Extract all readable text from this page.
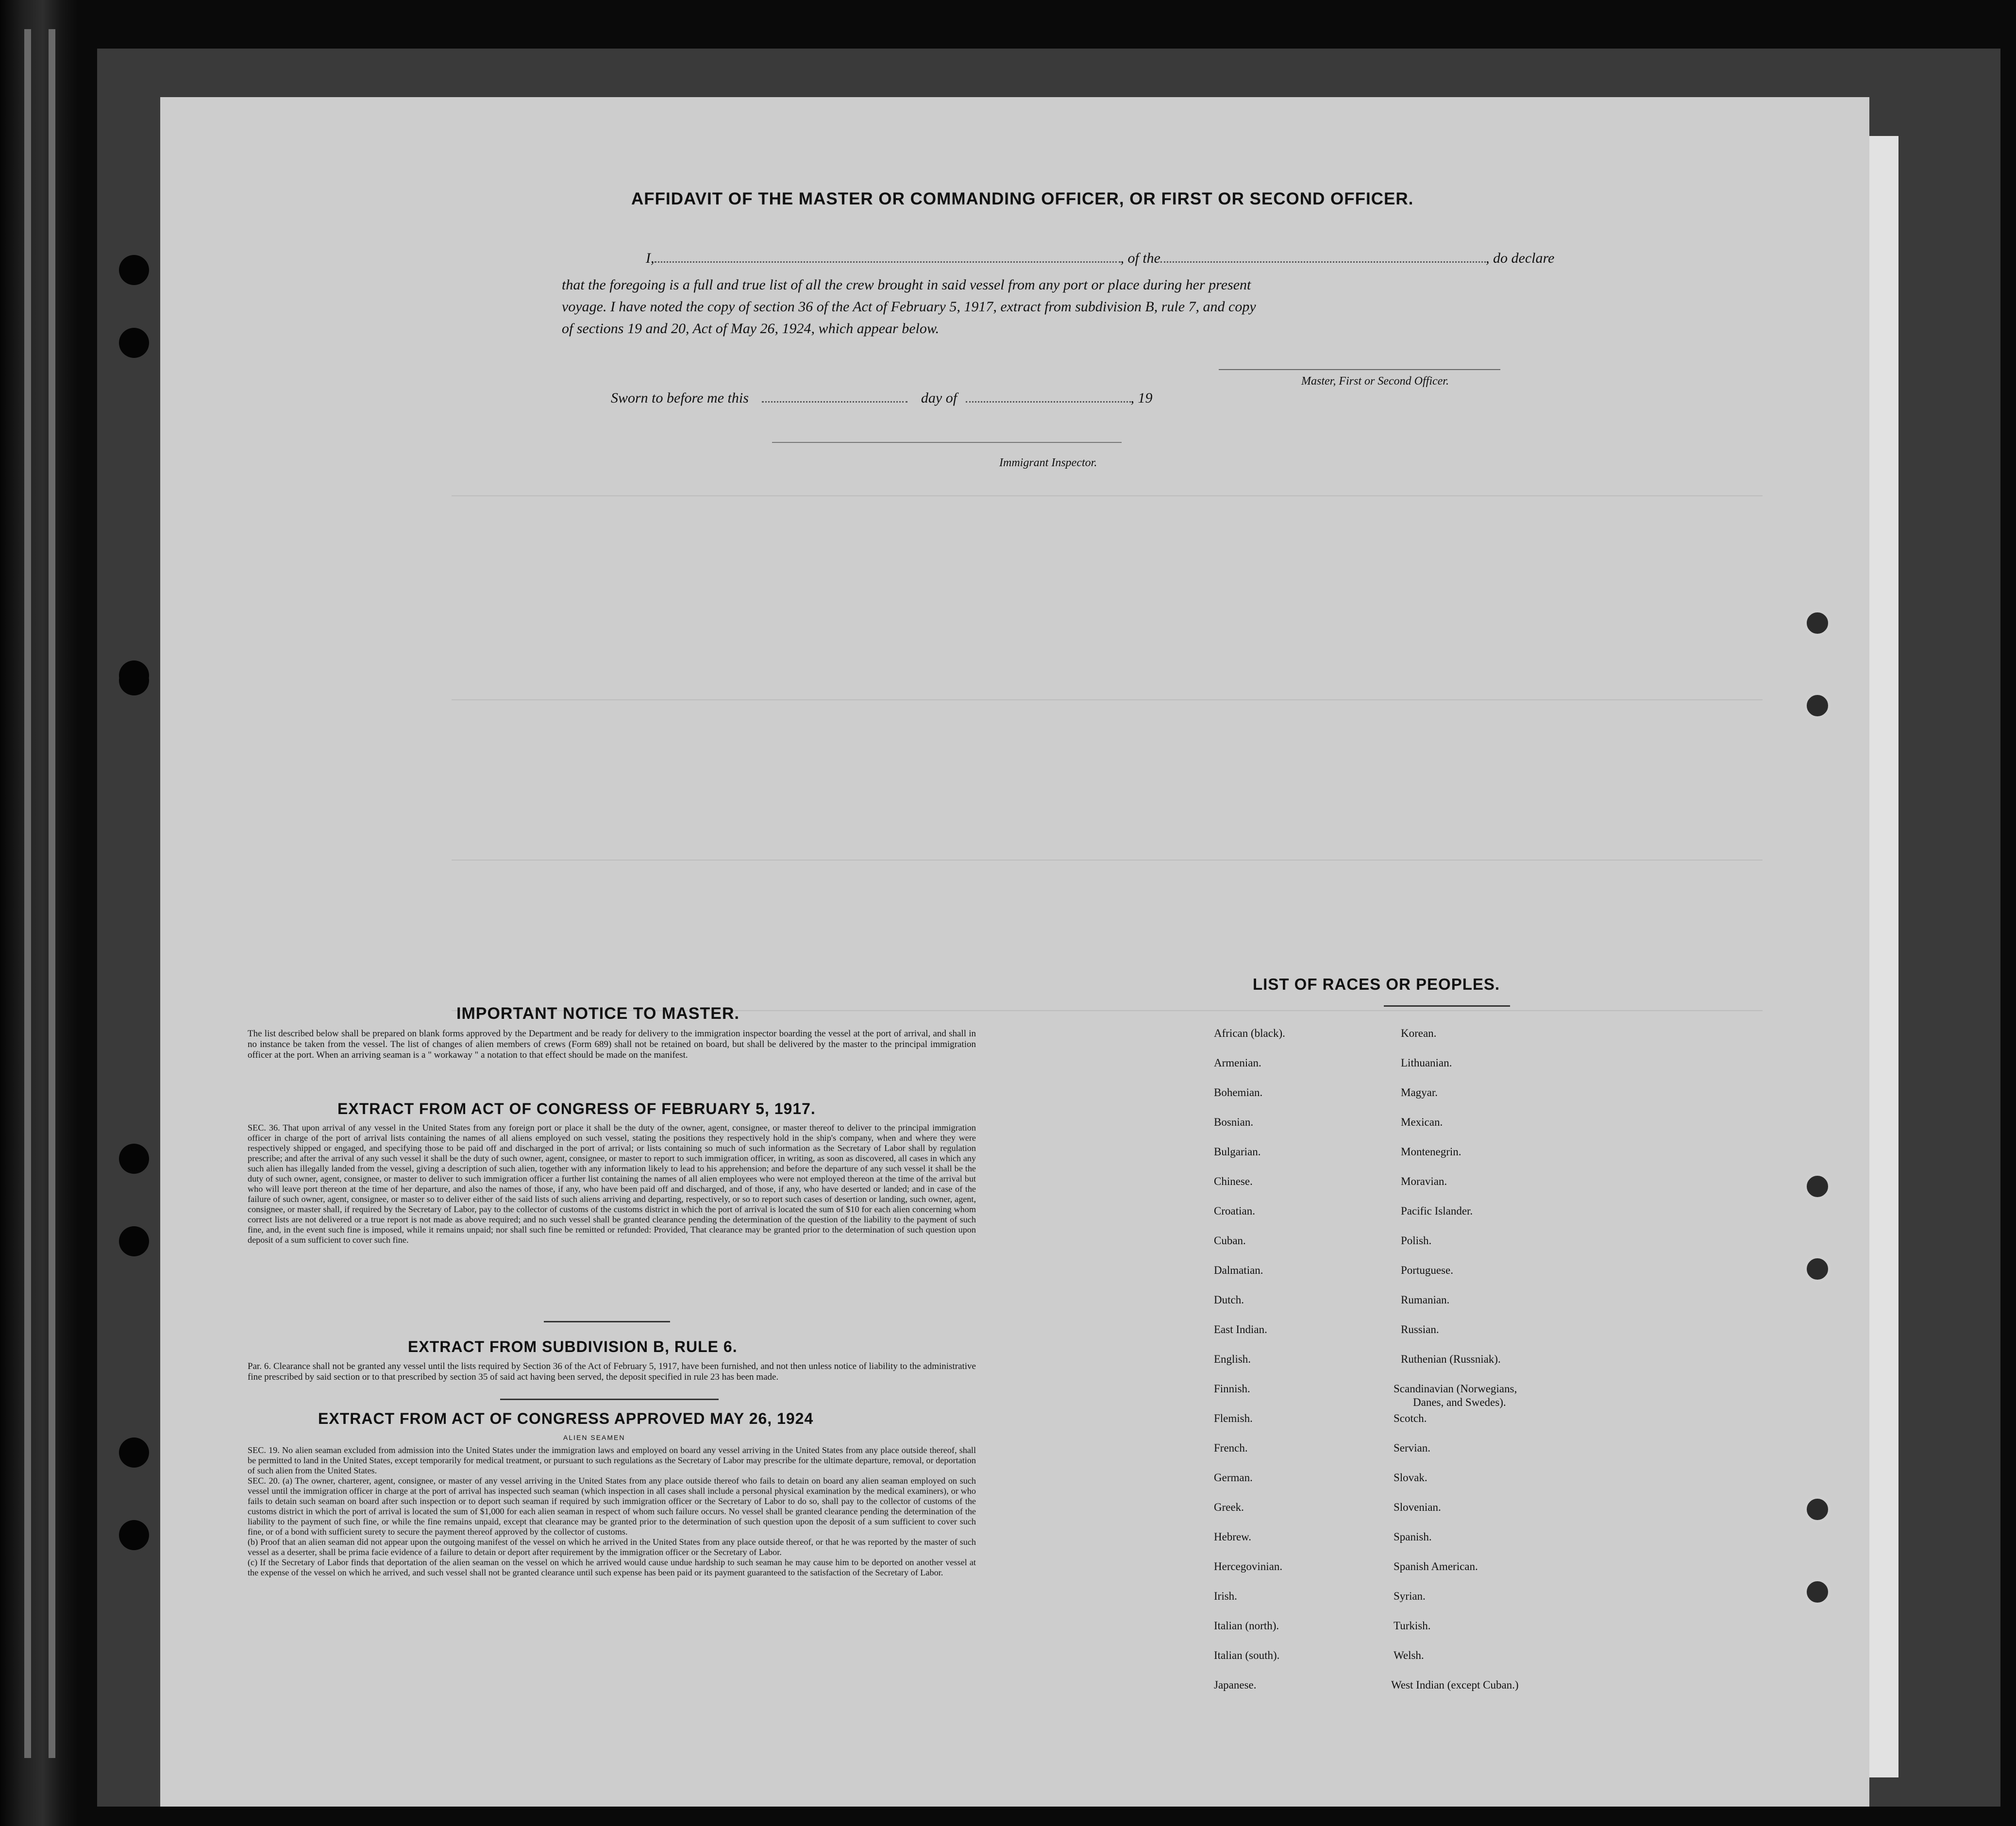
AFFIDAVIT OF THE MASTER OR COMMANDING OFFICER, OR FIRST OR SECOND OFFICER.
I,	, of the	, do declare
that the foregoing is a full and true list of all the crew brought in said vessel from any port or place during her present
voyage. I have noted the copy of section 36 of the Act of February 5, 1917, extract from subdivision B, rule 7, and copy
of sections 19 and 20, Act of May 26, 1924, which appear below.
Master, First or Second Officer.
Sworn to before me this	day of	, 19
Immigrant Inspector.
IMPORTANT NOTICE TO MASTER.
The list described below shall be prepared on blank forms approved by the Department and be ready for delivery to the immigration inspector boarding the vessel at the port of arrival, and shall in no instance be taken from the vessel. The list of changes of alien members of crews (Form 689) shall not be retained on board, but shall be delivered by the master to the principal immigration officer at the port. When an arriving seaman is a " workaway " a notation to that effect should be made on the manifest.
EXTRACT FROM ACT OF CONGRESS OF FEBRUARY 5, 1917.
SEC. 36. That upon arrival of any vessel in the United States from any foreign port or place it shall be the duty of the owner, agent, consignee, or master thereof to deliver to the principal immigration officer in charge of the port of arrival lists containing the names of all aliens employed on such vessel, stating the positions they respectively hold in the ship's company, when and where they were respectively shipped or engaged, and specifying those to be paid off and discharged in the port of arrival; or lists containing so much of such information as the Secretary of Labor shall by regulation prescribe; and after the arrival of any such vessel it shall be the duty of such owner, agent, consignee, or master to report to such immigration officer, in writing, as soon as discovered, all cases in which any such alien has illegally landed from the vessel, giving a description of such alien, together with any information likely to lead to his apprehension; and before the departure of any such vessel it shall be the duty of such owner, agent, consignee, or master to deliver to such immigration officer a further list containing the names of all alien employees who were not employed thereon at the time of the arrival but who will leave port thereon at the time of her departure, and also the names of those, if any, who have been paid off and discharged, and of those, if any, who have deserted or landed; and in case of the failure of such owner, agent, consignee, or master so to deliver either of the said lists of such aliens arriving and departing, respectively, or so to report such cases of desertion or landing, such owner, agent, consignee, or master shall, if required by the Secretary of Labor, pay to the collector of customs of the customs district in which the port of arrival is located the sum of $10 for each alien concerning whom correct lists are not delivered or a true report is not made as above required; and no such vessel shall be granted clearance pending the determination of the question of the liability to the payment of such fine, and, in the event such fine is imposed, while it remains unpaid; nor shall such fine be remitted or refunded: Provided, That clearance may be granted prior to the determination of such question upon deposit of a sum sufficient to cover such fine.
EXTRACT FROM SUBDIVISION B, RULE 6.
Par. 6. Clearance shall not be granted any vessel until the lists required by Section 36 of the Act of February 5, 1917, have been furnished, and not then unless notice of liability to the administrative fine prescribed by said section or to that prescribed by section 35 of said act having been served, the deposit specified in rule 23 has been made.
EXTRACT FROM ACT OF CONGRESS APPROVED MAY 26, 1924
ALIEN SEAMEN

SEC. 19. No alien seaman excluded from admission into the United States under the immigration laws and employed on board any vessel arriving in the United States from any place outside thereof, shall be permitted to land in the United States, except temporarily for medical treatment, or pursuant to such regulations as the Secretary of Labor may prescribe for the ultimate departure, removal, or deportation of such alien from the United States.

SEC. 20. (a) The owner, charterer, agent, consignee, or master of any vessel arriving in the United States from any place outside thereof who fails to detain on board any alien seaman employed on such vessel until the immigration officer in charge at the port of arrival has inspected such seaman (which inspection in all cases shall include a personal physical examination by the medical examiners), or who fails to detain such seaman on board after such inspection or to deport such seaman if required by such immigration officer or the Secretary of Labor to do so, shall pay to the collector of customs of the customs district in which the port of arrival is located the sum of $1,000 for each alien seaman in respect of whom such failure occurs. No vessel shall be granted clearance pending the determination of the liability to the payment of such fine, or while the fine remains unpaid, except that clearance may be granted prior to the determination of such question upon the deposit of a sum sufficient to cover such fine, or of a bond with sufficient surety to secure the payment thereof approved by the collector of customs.

(b) Proof that an alien seaman did not appear upon the outgoing manifest of the vessel on which he arrived in the United States from any place outside thereof, or that he was reported by the master of such vessel as a deserter, shall be prima facie evidence of a failure to detain or deport after requirement by the immigration officer or the Secretary of Labor.

(c) If the Secretary of Labor finds that deportation of the alien seaman on the vessel on which he arrived would cause undue hardship to such seaman he may cause him to be deported on another vessel at the expense of the vessel on which he arrived, and such vessel shall not be granted clearance until such expense has been paid or its payment guaranteed to the satisfaction of the Secretary of Labor.

LIST OF RACES OR PEOPLES.
African (black).
Armenian.
Bohemian.
Bosnian.
Bulgarian.
Chinese.
Croatian.
Cuban.
Dalmatian.
Dutch.
East Indian.
English.
Finnish.
Flemish.
French.
German.
Greek.
Hebrew.
Hercegovinian.
Irish.
Italian (north).
Italian (south).
Japanese.
Korean.
Lithuanian.
Magyar.
Mexican.
Montenegrin.
Moravian.
Pacific Islander.
Polish.
Portuguese.
Rumanian.
Russian.
Ruthenian (Russniak).
Scandinavian (Norwegians,
Danes, and Swedes).
Scotch.
Servian.
Slovak.
Slovenian.
Spanish.
Spanish American.
Syrian.
Turkish.
Welsh.
West Indian (except Cuban.)
